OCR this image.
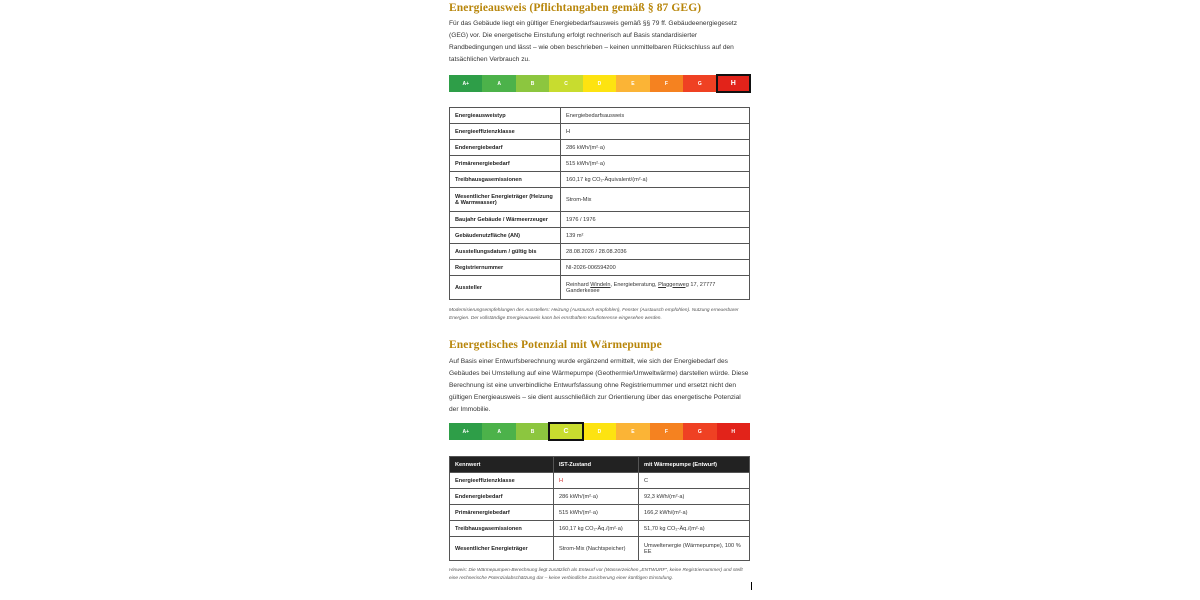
Energieausweis (Pflichtangaben gemäß § 87 GEG)

Für das Gebäude liegt ein gültiger Energiebedarfsausweis gemäß §§ 79 ff. Gebäudeenergiegesetz (GEG) vor. Die energetische Einstufung erfolgt rechnerisch auf Basis standardisierter Randbedingungen und lässt – wie oben beschrieben – keinen unmittelbaren Rückschluss auf den tatsächlichen Verbrauch zu.

A+	A	B	C	D	E	F	G	H
Energieausweistyp	Energiebedarfsausweis
Energieeffizienzklasse	H
Endenergiebedarf	286 kWh/(m²·a)
Primärenergiebedarf	515 kWh/(m²·a)
Treibhausgasemissionen	160,17 kg CO₂-Äquivalent/(m²·a)
Wesentlicher Energieträger (Heizung & Warmwasser)	Strom-Mix
Baujahr Gebäude / Wärmeerzeuger	1976 / 1976
Gebäudenutzfläche (AN)	139 m²
Ausstellungsdatum / gültig bis	28.08.2026 / 28.08.2036
Registriernummer	NI-2026-006594200
Aussteller	Reinhard Windeln, Energieberatung, Plaggenweg 17, 27777 Ganderkesee

Modernisierungsempfehlungen des Ausstellers: Heizung (Austausch empfohlen), Fenster (Austausch empfohlen). Nutzung erneuerbarer Energien. Der vollständige Energieausweis kann bei ernsthaftem Kaufinteresse eingesehen werden.

Energetisches Potenzial mit Wärmepumpe

Auf Basis einer Entwurfsberechnung wurde ergänzend ermittelt, wie sich der Energiebedarf des Gebäudes bei Umstellung auf eine Wärmepumpe (Geothermie/Umweltwärme) darstellen würde. Diese Berechnung ist eine unverbindliche Entwurfsfassung ohne Registriernummer und ersetzt nicht den gültigen Energieausweis – sie dient ausschließlich zur Orientierung über das energetische Potenzial der Immobilie.

A+	A	B	C	D	E	F	G	H
Kennwert	IST-Zustand	mit Wärmepumpe (Entwurf)
Energieeffizienzklasse	H	C
Endenergiebedarf	286 kWh/(m²·a)	92,3 kWh/(m²·a)
Primärenergiebedarf	515 kWh/(m²·a)	166,2 kWh/(m²·a)
Treibhausgasemissionen	160,17 kg CO₂-Äq./(m²·a)	51,70 kg CO₂-Äq./(m²·a)
Wesentlicher Energieträger	Strom-Mix (Nachtspeicher)	Umweltenergie (Wärmepumpe), 100 % EE

Hinweis: Die Wärmepumpen-Berechnung liegt zusätzlich als Entwurf vor (Wasserzeichen „ENTWURF“, keine Registriernummer) und stellt eine rechnerische Potenzialabschätzung dar – keine verbindliche Zusicherung einer künftigen Einstufung.
